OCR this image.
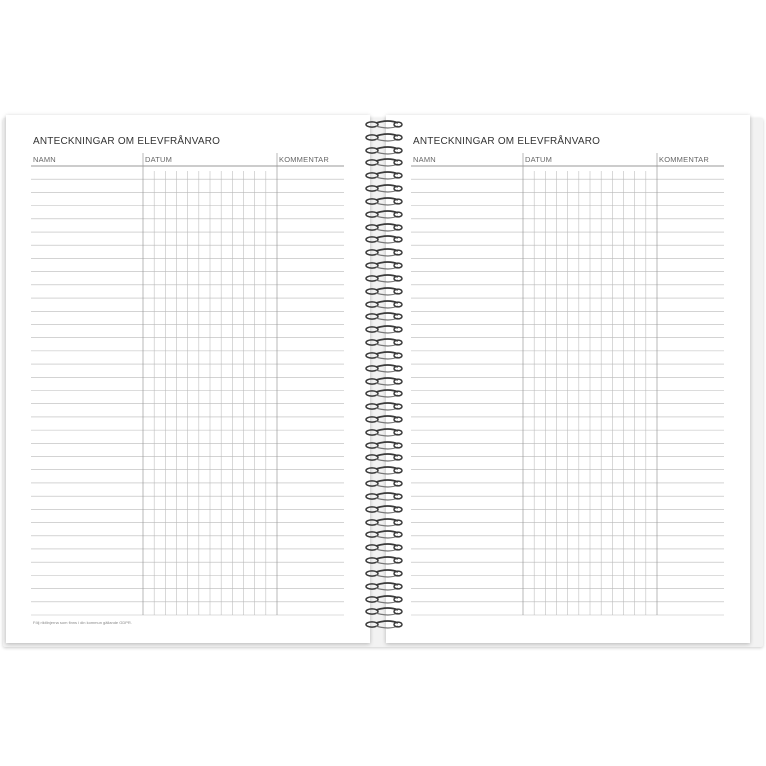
ANTECKNINGAR OM ELEVFRÅNVARO
NAMN	DATUM	KOMMENTAR
Följ riktlinjerna som finns i din kommun gällande GDPR.
ANTECKNINGAR OM ELEVFRÅNVARO
NAMN	DATUM	KOMMENTAR
